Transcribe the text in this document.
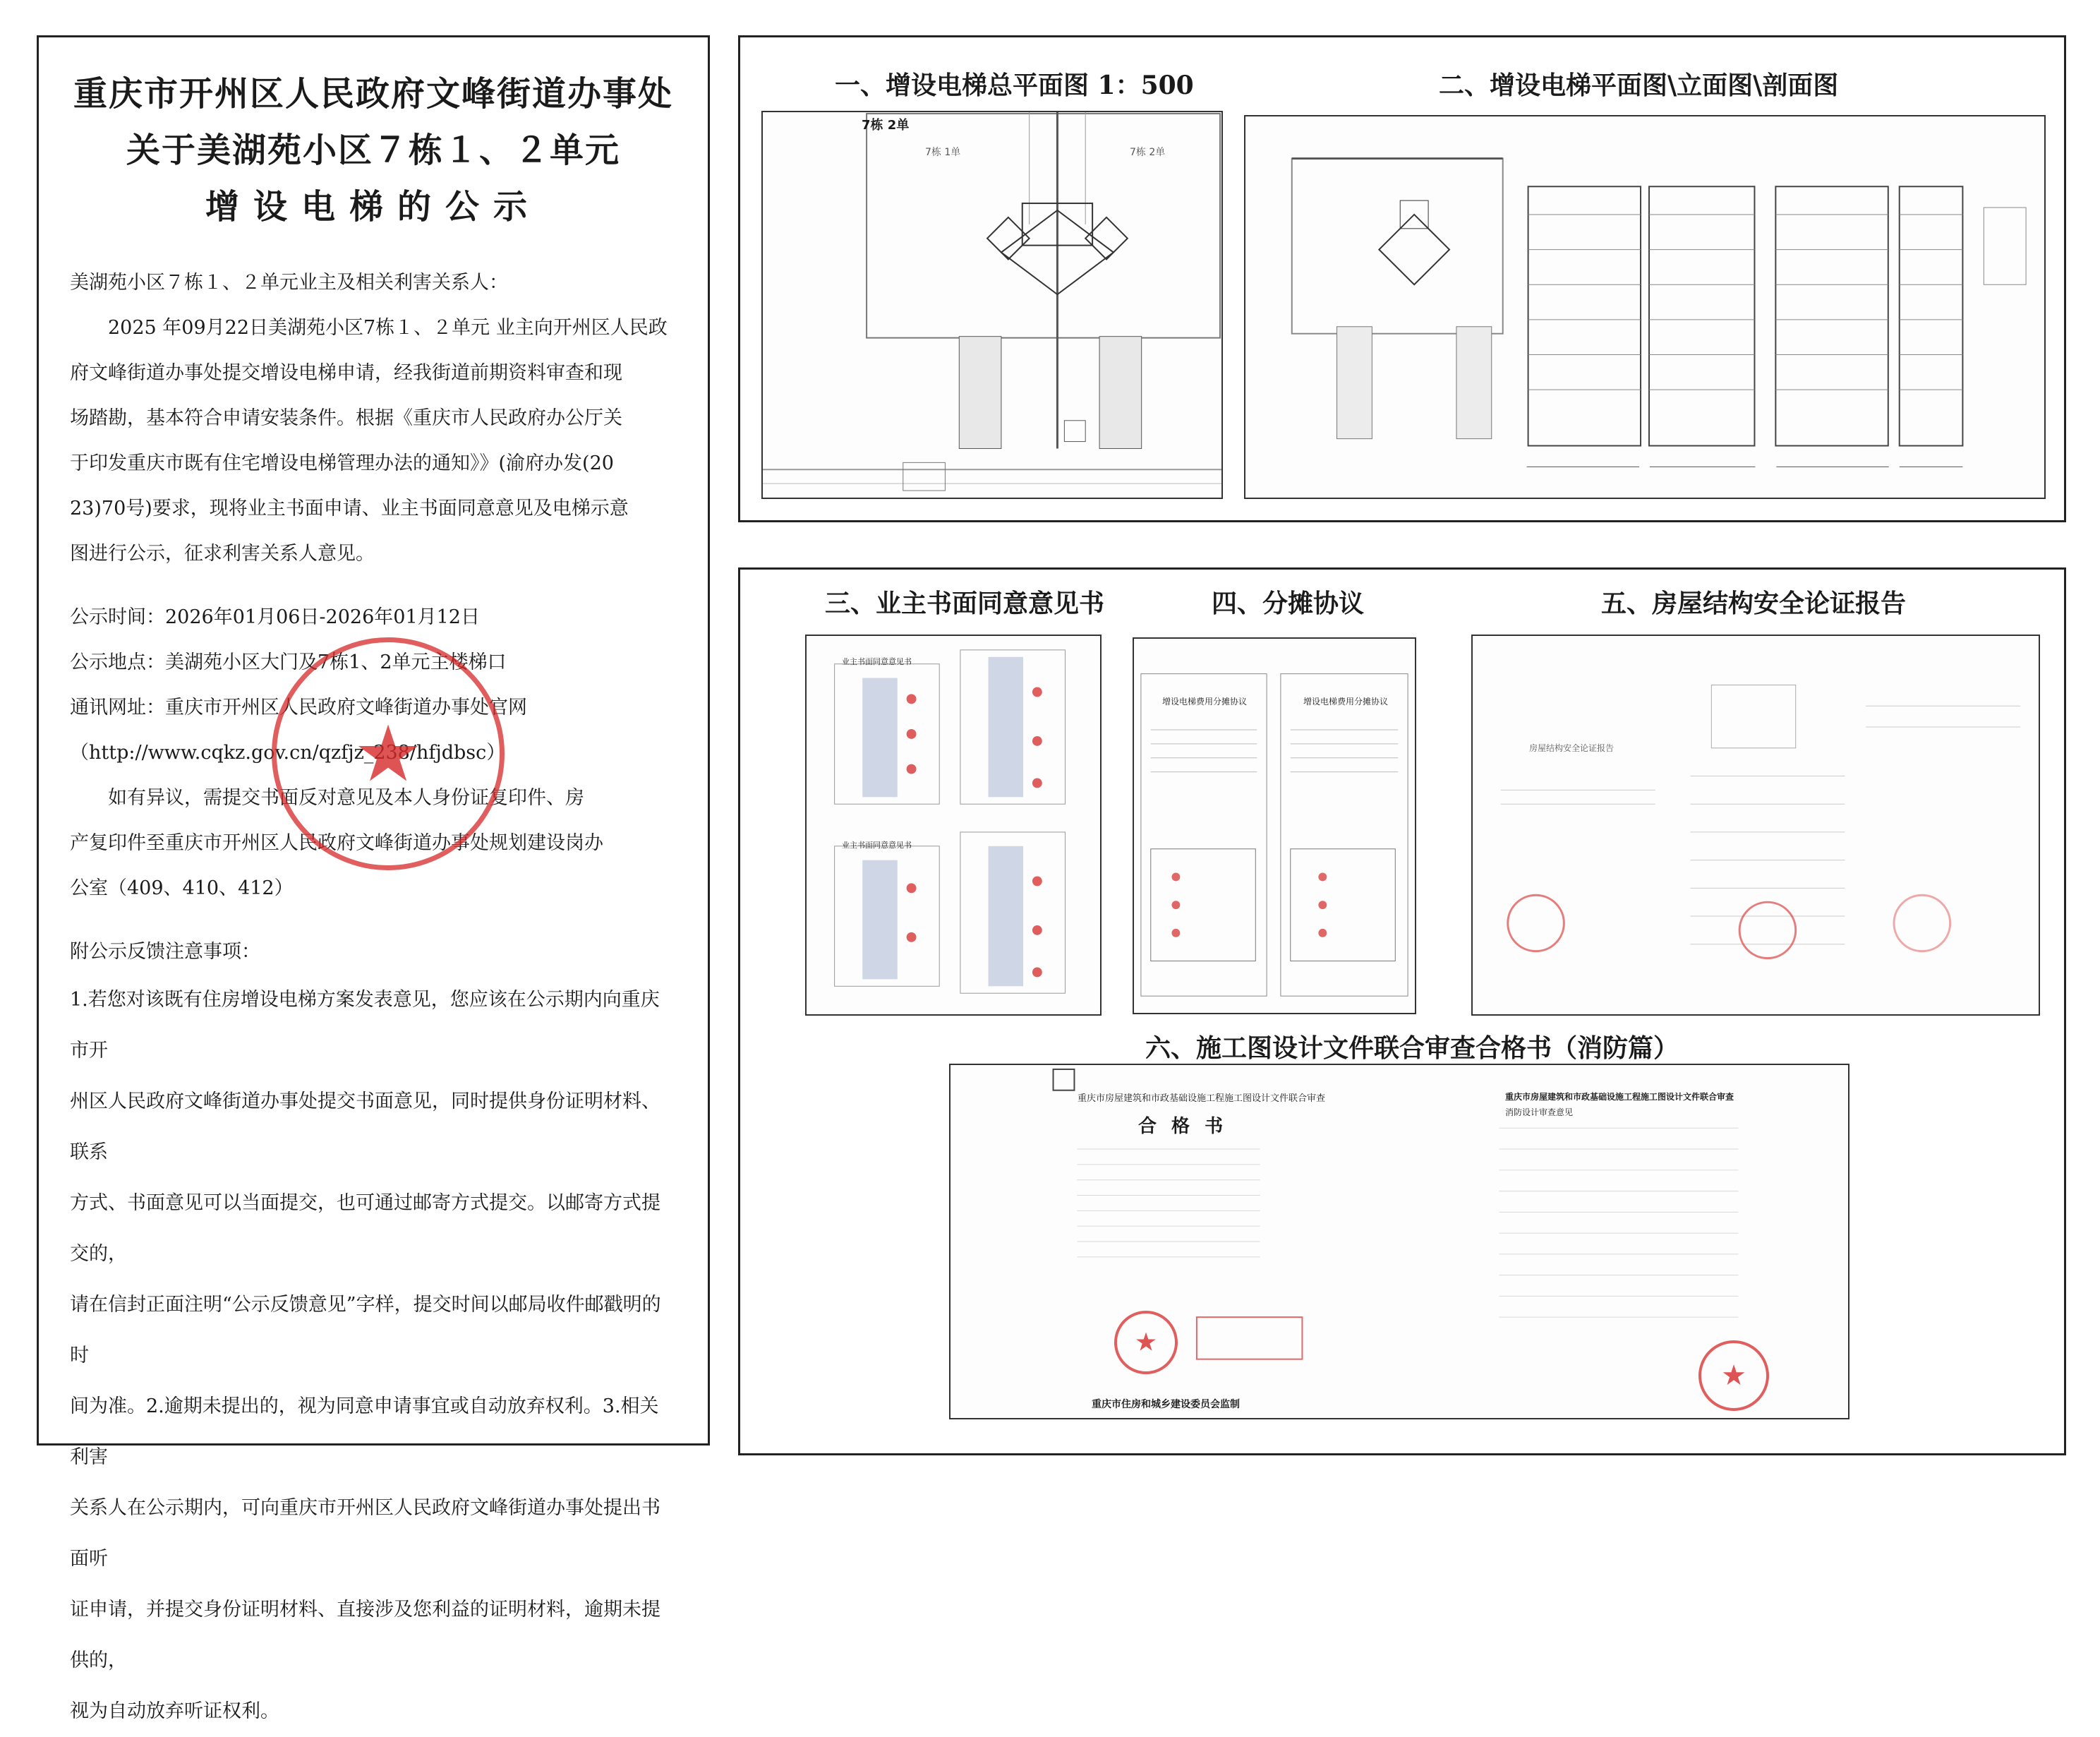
重庆市开州区人民政府文峰街道办事处
关于美湖苑小区７栋１、２单元
增设电梯的公示

美湖苑小区７栋１、２单元业主及相关利害关系人：

2025 年09月22日美湖苑小区7栋１、２单元 业主向开州区人民政

府文峰街道办事处提交增设电梯申请，经我街道前期资料审查和现

场踏勘，基本符合申请安装条件。根据《重庆市人民政府办公厅关

于印发重庆市既有住宅增设电梯管理办法的通知》》(渝府办发(20

23)70号)要求，现将业主书面申请、业主书面同意意见及电梯示意

图进行公示，征求利害关系人意见。

公示时间：2026年01月06日-2026年01月12日

公示地点：美湖苑小区大门及7栋1、2单元主楼梯口

通讯网址：重庆市开州区人民政府文峰街道办事处官网

（http://www.cqkz.gov.cn/qzfjz_238/hfjdbsc）

如有异议，需提交书面反对意见及本人身份证复印件、房

产复印件至重庆市开州区人民政府文峰街道办事处规划建设岗办

公室（409、410、412）

附公示反馈注意事项：

1.若您对该既有住房增设电梯方案发表意见，您应该在公示期内向重庆市开

州区人民政府文峰街道办事处提交书面意见，同时提供身份证明材料、联系

方式、书面意见可以当面提交，也可通过邮寄方式提交。以邮寄方式提交的，

请在信封正面注明“公示反馈意见”字样，提交时间以邮局收件邮戳明的时

间为准。2.逾期未提出的，视为同意申请事宜或自动放弃权利。3.相关利害

关系人在公示期内，可向重庆市开州区人民政府文峰街道办事处提出书面听

证申请，并提交身份证明材料、直接涉及您利益的证明材料，逾期未提供的，

视为自动放弃听证权利。

★
一、增设电梯总平面图 1：500	二、增设电梯平面图\立面图\剖面图
7栋 2单
7栋 1单	7栋 2单
三、业主书面同意意见书	四、分摊协议	五、房屋结构安全论证报告
业主书面同意意见书
业主书面同意意见书
增设电梯费用分摊协议	增设电梯费用分摊协议
房屋结构安全论证报告
六、施工图设计文件联合审查合格书（消防篇）
重庆市房屋建筑和市政基础设施工程施工图设计文件联合审查
合 格 书
重庆市房屋建筑和市政基础设施工程施工图设计文件联合审查
消防设计审查意见
重庆市住房和城乡建设委员会监制
★
★
